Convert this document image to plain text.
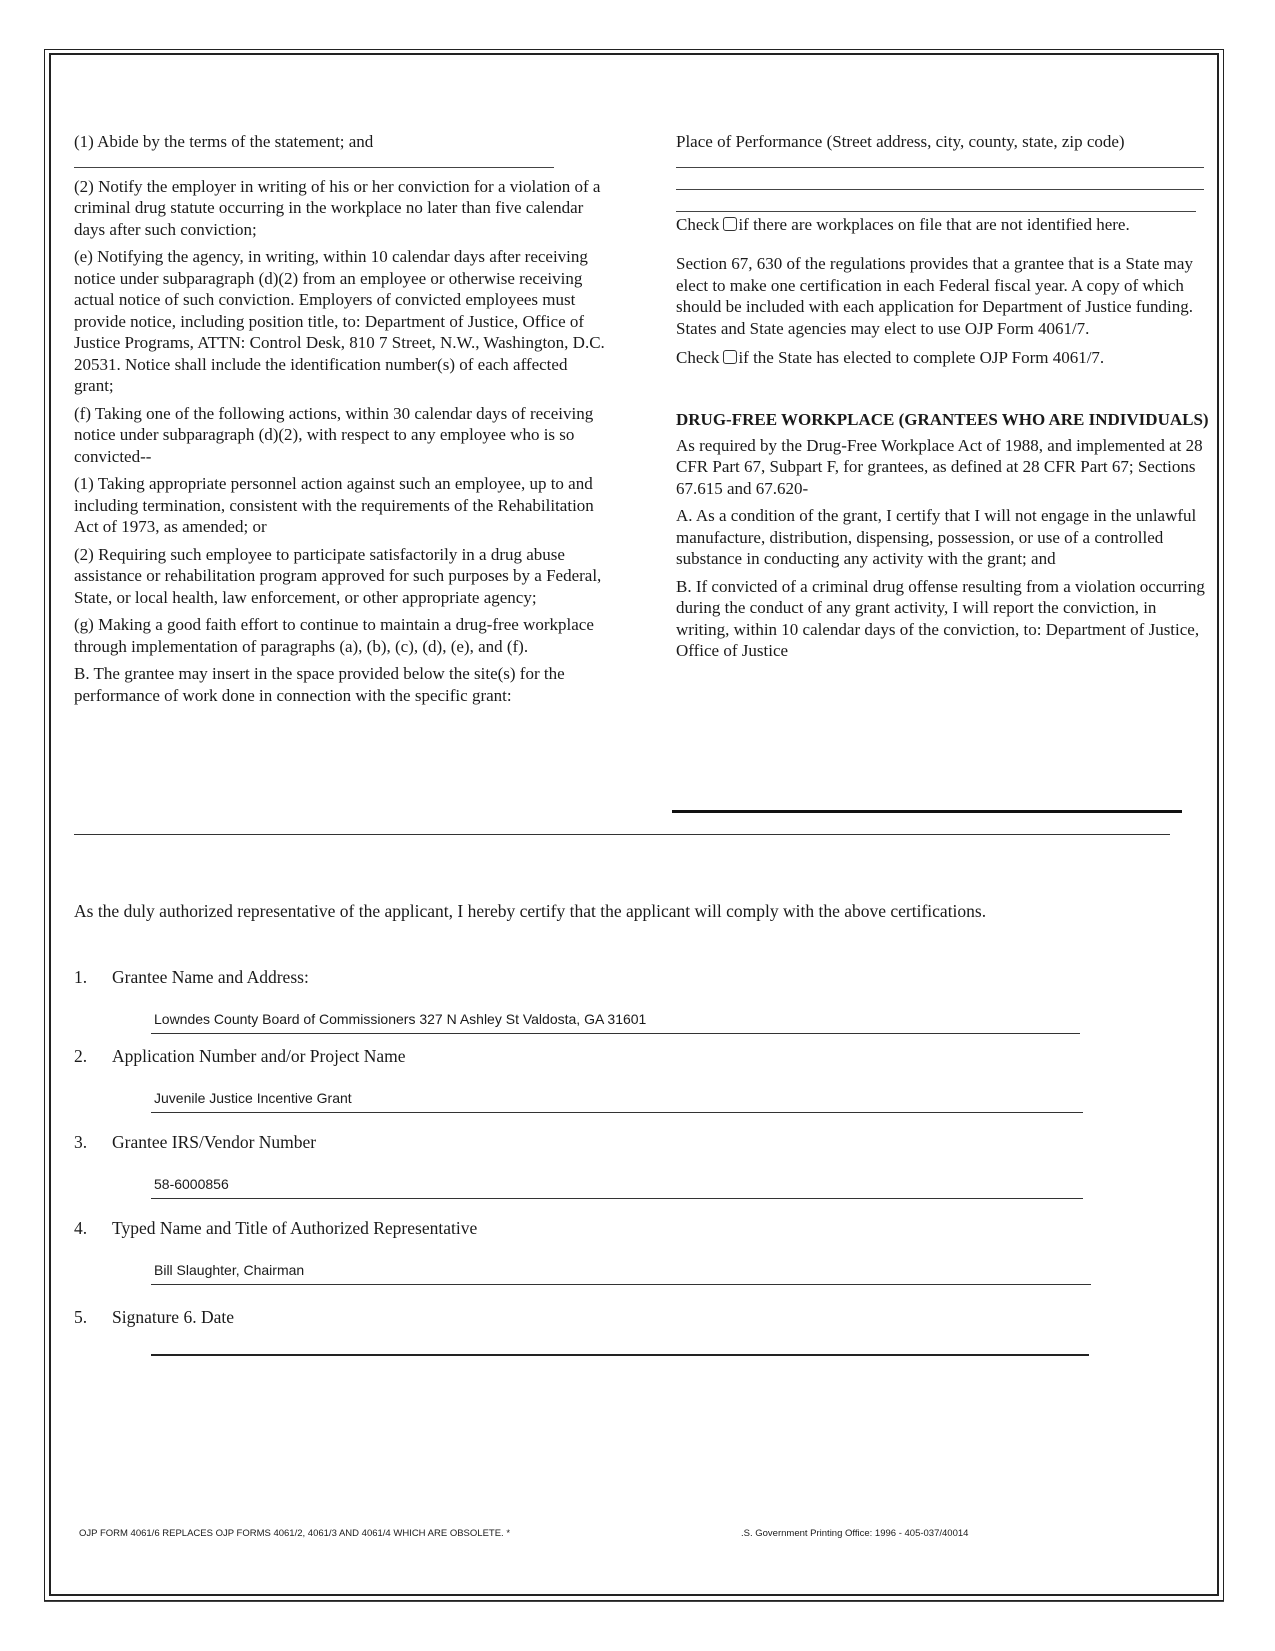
(1) Abide by the terms of the statement; and

(2) Notify the employer in writing of his or her conviction for a violation of a criminal drug statute occurring in the workplace no later than five calendar days after such conviction;

(e) Notifying the agency, in writing, within 10 calendar days after receiving notice under subparagraph (d)(2) from an employee or otherwise receiving actual notice of such conviction. Employers of convicted employees must provide notice, including position title, to: Department of Justice, Office of Justice Programs, ATTN: Control Desk, 810 7 Street, N.W., Washington, D.C. 20531. Notice shall include the identification number(s) of each affected grant;

(f) Taking one of the following actions, within 30 calendar days of receiving notice under subparagraph (d)(2), with respect to any employee who is so convicted--

(1) Taking appropriate personnel action against such an employee, up to and including termination, consistent with the requirements of the Rehabilitation Act of 1973, as amended; or

(2) Requiring such employee to participate satisfactorily in a drug abuse assistance or rehabilitation program approved for such purposes by a Federal, State, or local health, law enforcement, or other appropriate agency;

(g) Making a good faith effort to continue to maintain a drug-free workplace through implementation of paragraphs (a), (b), (c), (d), (e), and (f).

B. The grantee may insert in the space provided below the site(s) for the performance of work done in connection with the specific grant:

Place of Performance (Street address, city, county, state, zip code)

Check if there are workplaces on file that are not identified here.

Section 67, 630 of the regulations provides that a grantee that is a State may elect to make one certification in each Federal fiscal year. A copy of which should be included with each application for Department of Justice funding. States and State agencies may elect to use OJP Form 4061/7.

Check if the State has elected to complete OJP Form 4061/7.

DRUG-FREE WORKPLACE (GRANTEES WHO ARE INDIVIDUALS)

As required by the Drug-Free Workplace Act of 1988, and implemented at 28 CFR Part 67, Subpart F, for grantees, as defined at 28 CFR Part 67; Sections 67.615 and 67.620-

A. As a condition of the grant, I certify that I will not engage in the unlawful manufacture, distribution, dispensing, possession, or use of a controlled substance in conducting any activity with the grant; and

B. If convicted of a criminal drug offense resulting from a violation occurring during the conduct of any grant activity, I will report the conviction, in writing, within 10 calendar days of the conviction, to: Department of Justice, Office of Justice

As the duly authorized representative of the applicant, I hereby certify that the applicant will comply with the above certifications.
1. Grantee Name and Address:
Lowndes County Board of Commissioners 327 N Ashley St Valdosta, GA 31601
2. Application Number and/or Project Name
Juvenile Justice Incentive Grant
3. Grantee IRS/Vendor Number
58-6000856
4. Typed Name and Title of Authorized Representative
Bill Slaughter, Chairman
5. Signature 6. Date
OJP FORM 4061/6 REPLACES OJP FORMS 4061/2, 4061/3 AND 4061/4 WHICH ARE OBSOLETE. *	.S. Government Printing Office: 1996 - 405-037/40014
